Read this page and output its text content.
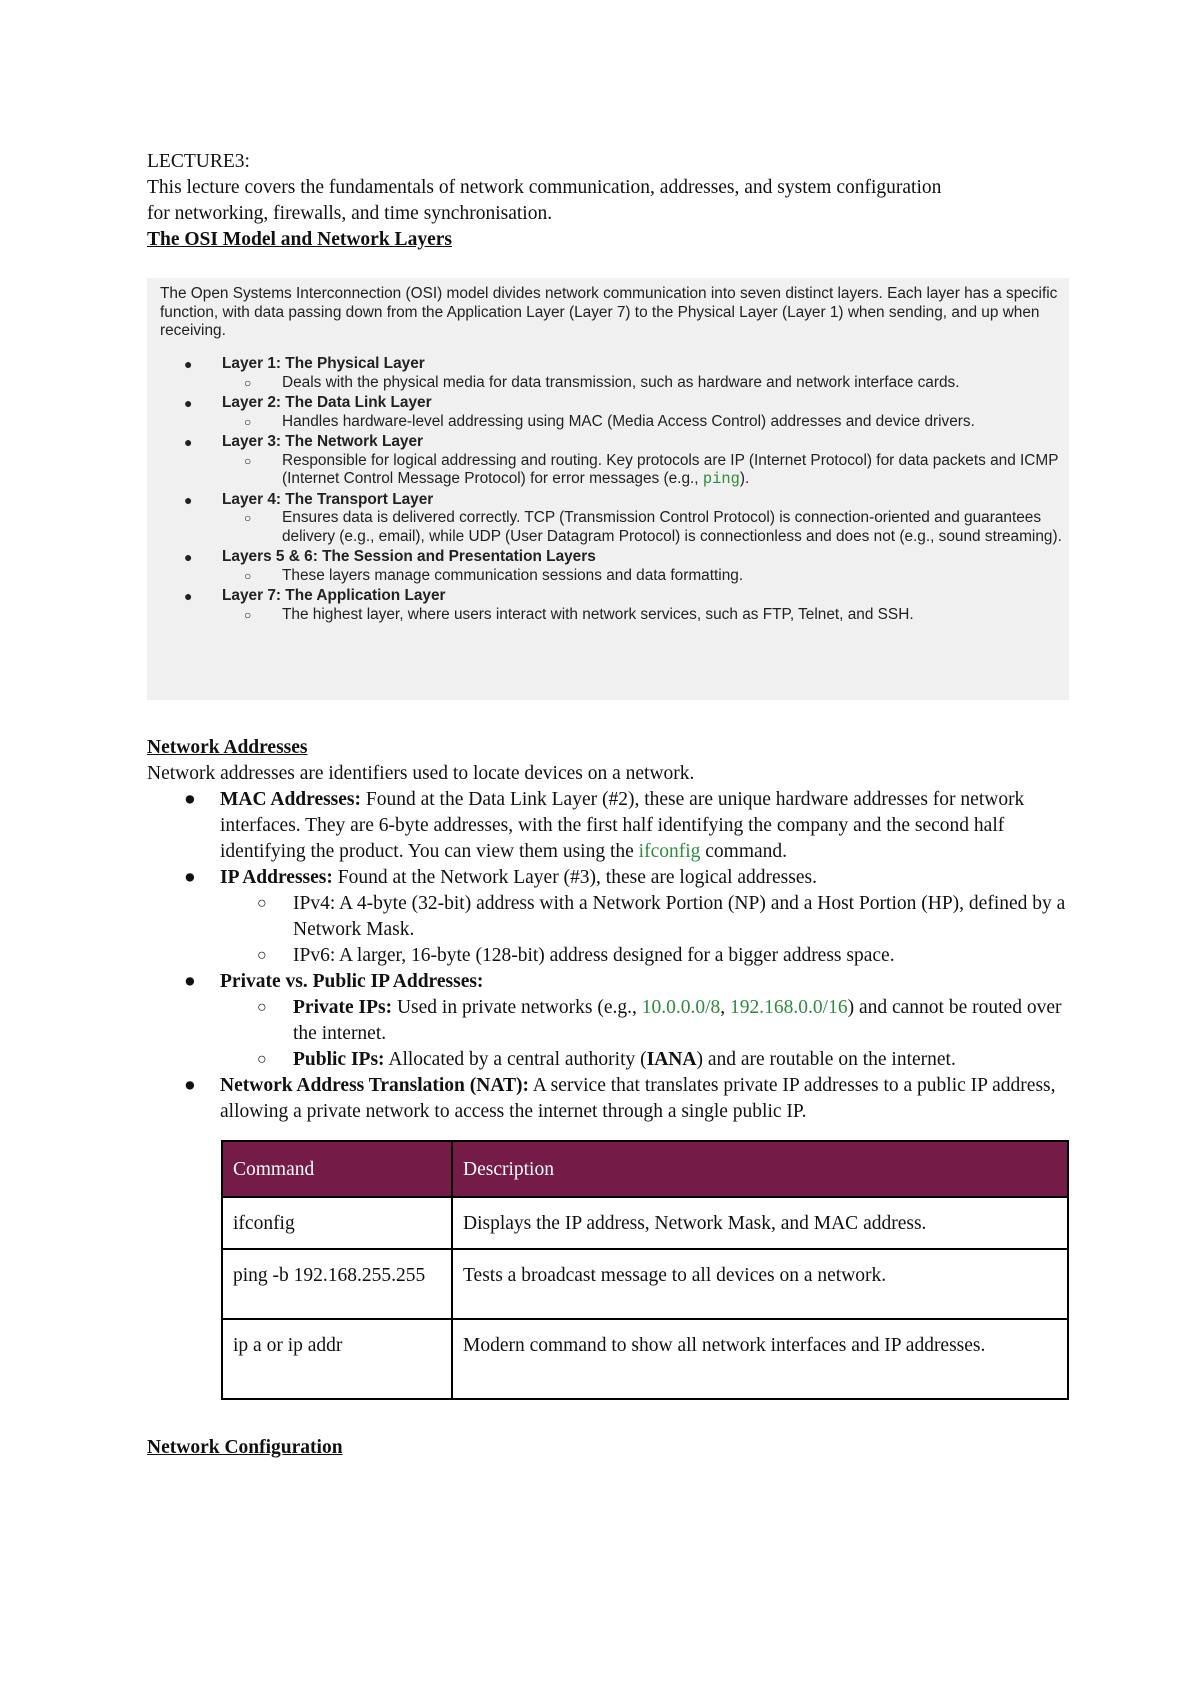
LECTURE3:

This lecture covers the fundamentals of network communication, addresses, and system configuration

for networking, firewalls, and time synchronisation.

The OSI Model and Network Layers

The Open Systems Interconnection (OSI) model divides network communication into seven distinct layers. Each layer has a specific function, with data passing down from the Application Layer (Layer 7) to the Physical Layer (Layer 1) when sending, and up when receiving.
● Layer 1: The Physical Layer
○ Deals with the physical media for data transmission, such as hardware and network interface cards.
● Layer 2: The Data Link Layer
○ Handles hardware-level addressing using MAC (Media Access Control) addresses and device drivers.
● Layer 3: The Network Layer
○ Responsible for logical addressing and routing. Key protocols are IP (Internet Protocol) for data packets and ICMP (Internet Control Message Protocol) for error messages (e.g., ping).
● Layer 4: The Transport Layer
○ Ensures data is delivered correctly. TCP (Transmission Control Protocol) is connection-oriented and guarantees delivery (e.g., email), while UDP (User Datagram Protocol) is connectionless and does not (e.g., sound streaming).
● Layers 5 & 6: The Session and Presentation Layers
○ These layers manage communication sessions and data formatting.
● Layer 7: The Application Layer
○ The highest layer, where users interact with network services, such as FTP, Telnet, and SSH.

Network Addresses

Network addresses are identifiers used to locate devices on a network.

● MAC Addresses: Found at the Data Link Layer (#2), these are unique hardware addresses for network interfaces. They are 6-byte addresses, with the first half identifying the company and the second half identifying the product. You can view them using the ifconfig command.
● IP Addresses: Found at the Network Layer (#3), these are logical addresses.
○ IPv4: A 4-byte (32-bit) address with a Network Portion (NP) and a Host Portion (HP), defined by a Network Mask.
○ IPv6: A larger, 16-byte (128-bit) address designed for a bigger address space.
● Private vs. Public IP Addresses:
○ Private IPs: Used in private networks (e.g., 10.0.0.0/8, 192.168.0.0/16) and cannot be routed over the internet.
○ Public IPs: Allocated by a central authority (IANA) and are routable on the internet.
● Network Address Translation (NAT): A service that translates private IP addresses to a public IP address, allowing a private network to access the internet through a single public IP.
Command	Description
ifconfig	Displays the IP address, Network Mask, and MAC address.
ping -b 192.168.255.255	Tests a broadcast message to all devices on a network.
ip a or ip addr	Modern command to show all network interfaces and IP addresses.

Network Configuration
